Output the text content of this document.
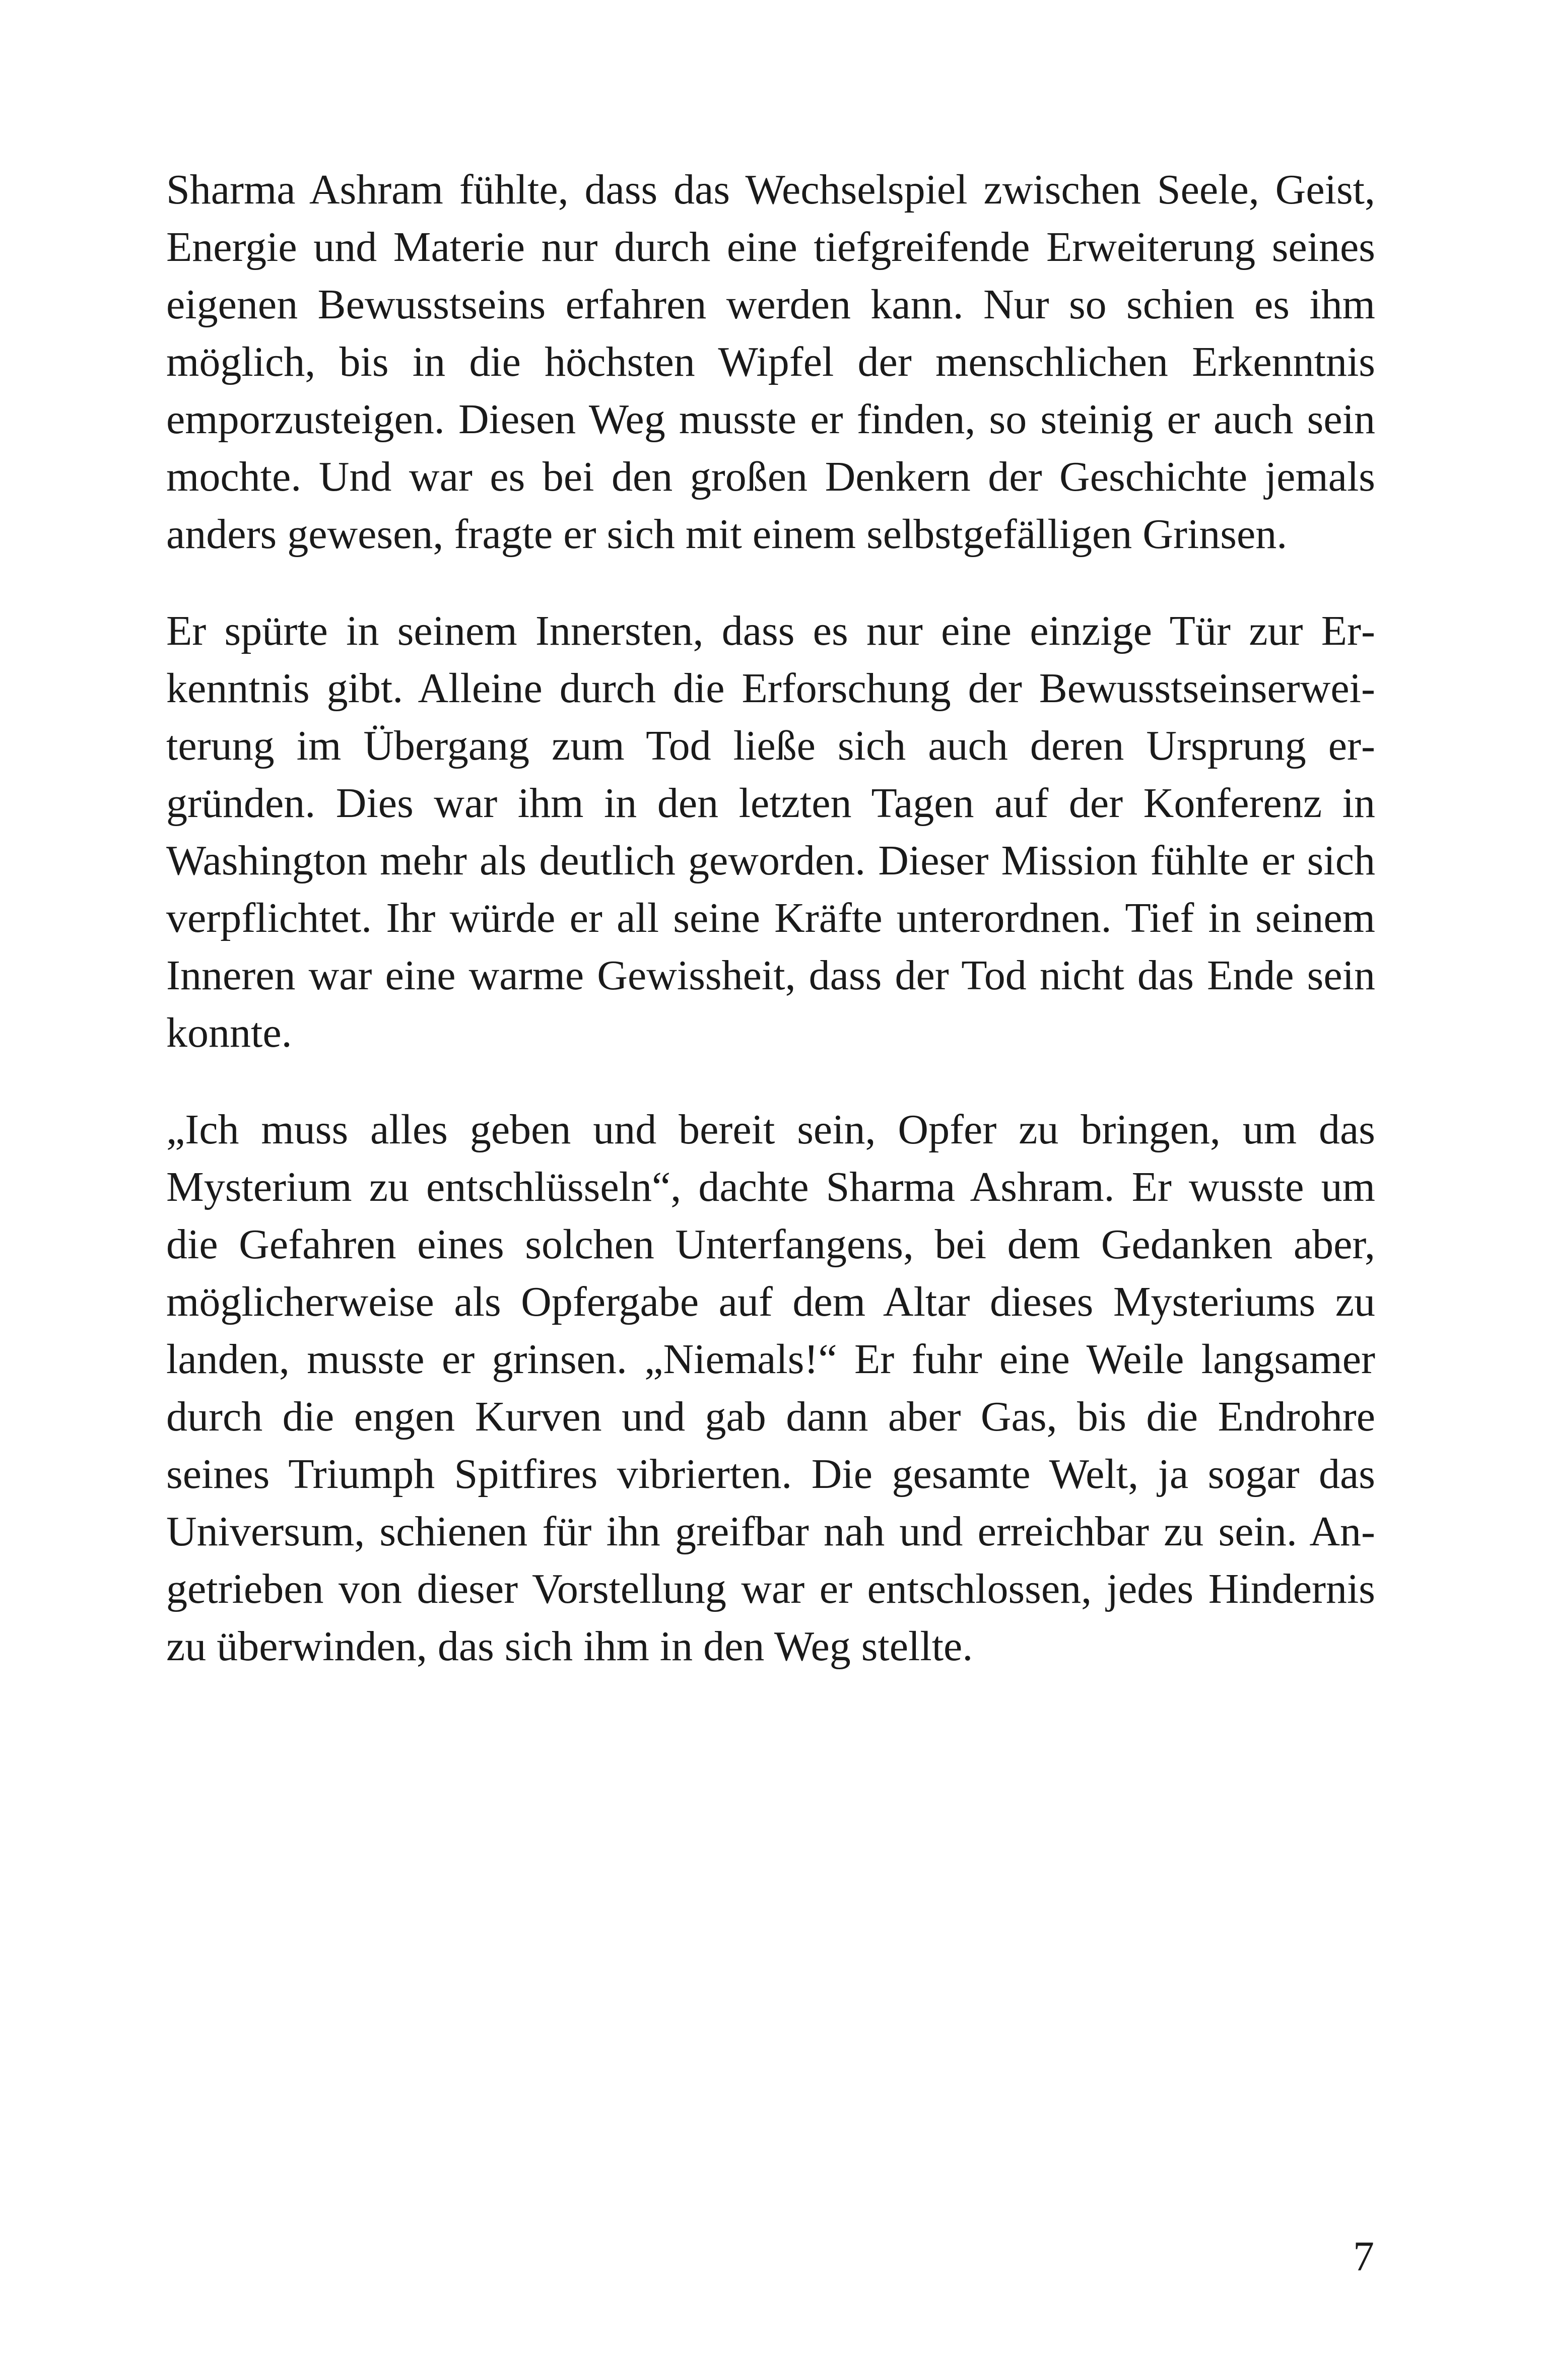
Sharma Ashram fühlte, dass das Wechselspiel zwischen Seele, Geist, Energie und Materie nur durch eine tiefgreifende Erweiterung seines eigenen Bewusstseins erfahren werden kann. Nur so schien es ihm möglich, bis in die höchsten Wipfel der menschlichen Erkenntnis emporzusteigen. Diesen Weg musste er finden, so steinig er auch sein mochte. Und war es bei den großen Denkern der Geschichte jemals anders gewesen, fragte er sich mit einem selbstgefälligen Grinsen.

Er spürte in seinem Innersten, dass es nur eine einzige Tür zur Erkenntnis gibt. Alleine durch die Erforschung der Bewusstseinserweiterung im Übergang zum Tod ließe sich auch deren Ursprung ergründen. Dies war ihm in den letzten Tagen auf der Konferenz in Washington mehr als deutlich geworden. Dieser Mission fühlte er sich verpflichtet. Ihr würde er all seine Kräfte unterordnen. Tief in seinem Inneren war eine warme Gewissheit, dass der Tod nicht das Ende sein konnte.

„Ich muss alles geben und bereit sein, Opfer zu bringen, um das Mysterium zu entschlüsseln“, dachte Sharma Ashram. Er wusste um die Gefahren eines solchen Unterfangens, bei dem Gedanken aber, möglicherweise als Opfergabe auf dem Altar dieses Mysteriums zu landen, musste er grinsen. „Niemals!“ Er fuhr eine Weile langsamer durch die engen Kurven und gab dann aber Gas, bis die Endrohre seines Triumph Spitfires vibrierten. Die gesamte Welt, ja sogar das Universum, schienen für ihn greifbar nah und erreichbar zu sein. Angetrieben von dieser Vorstellung war er entschlossen, jedes Hindernis zu überwinden, das sich ihm in den Weg stellte.

7
